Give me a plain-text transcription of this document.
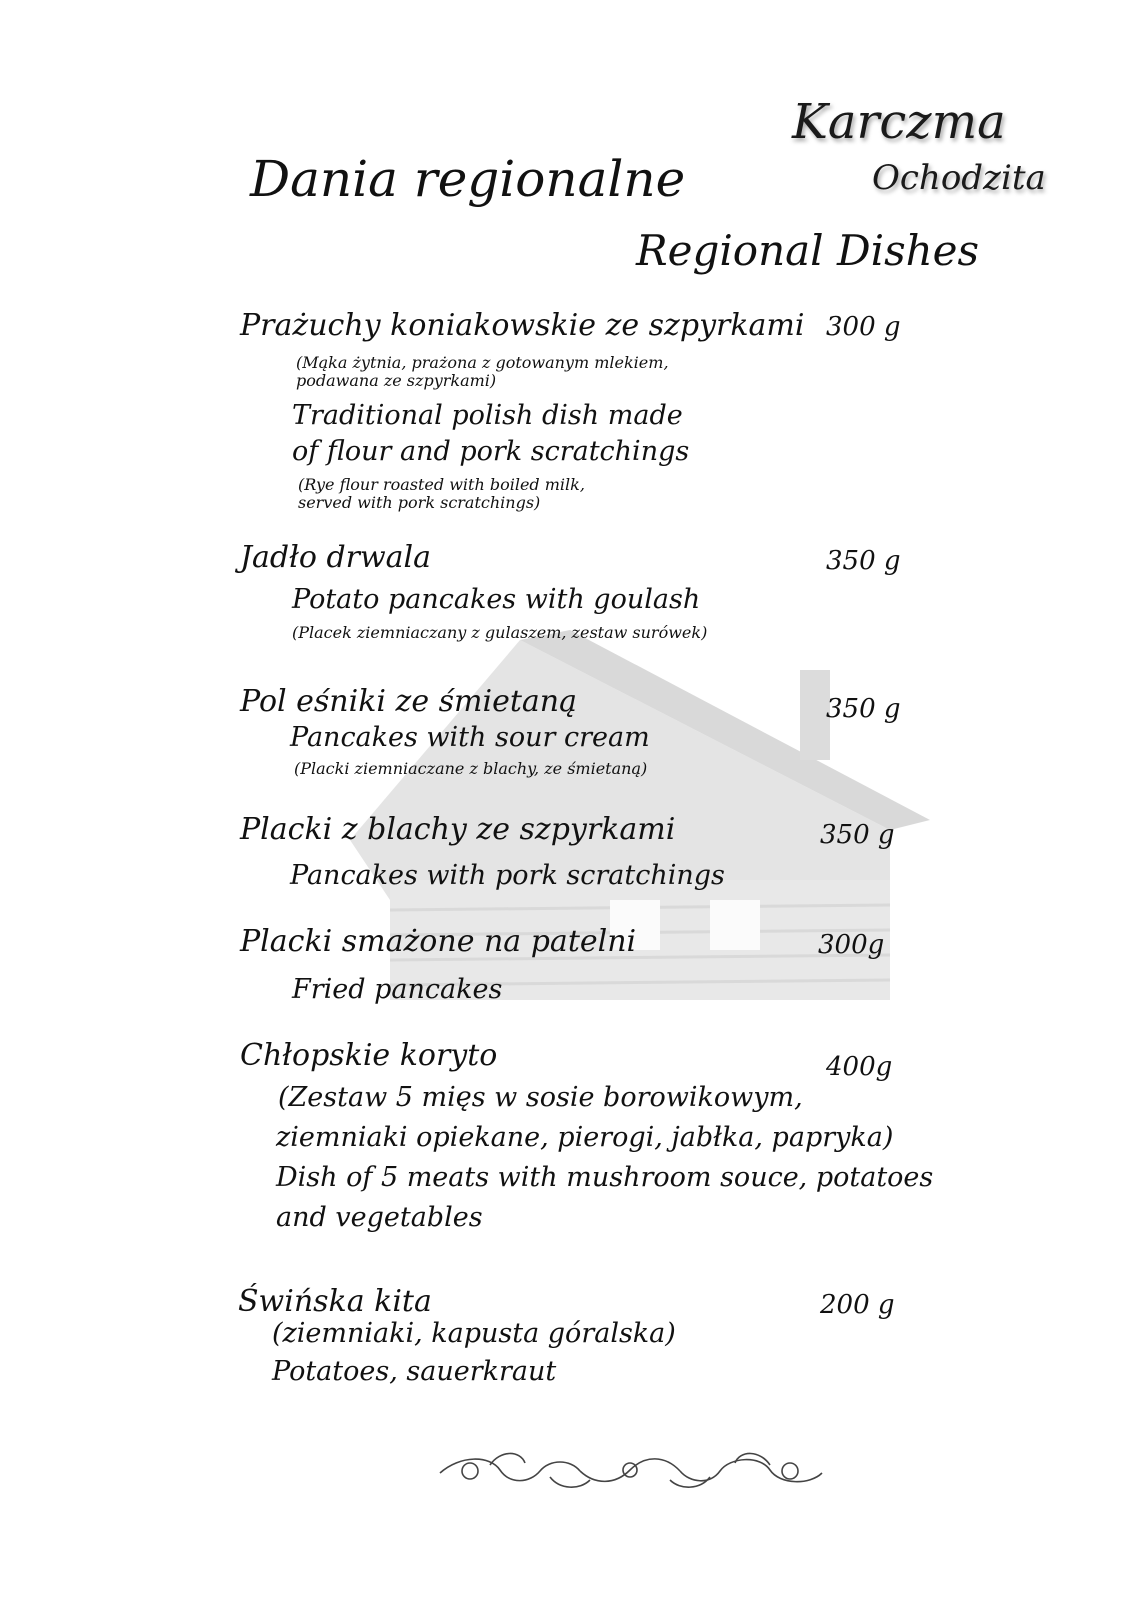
Karczma
Ochodzita
Dania regionalne
Regional Dishes
Prażuchy koniakowskie ze szpyrkami 300 g
(Mąka żytnia, prażona z gotowanym mlekiem,
podawana ze szpyrkami)
Traditional polish dish made
of flour and pork scratchings
(Rye flour roasted with boiled milk,
served with pork scratchings)
Jadło drwala	350 g
Potato pancakes with goulash
(Placek ziemniaczany z gulaszem, zestaw surówek)
Pol eśniki ze śmietaną	350 g
Pancakes with sour cream
(Placki ziemniaczane z blachy, ze śmietaną)
Placki z blachy ze szpyrkami	350 g
Pancakes with pork scratchings
Placki smażone na patelni	300g
Fried pancakes
Chłopskie koryto	400g
(Zestaw 5 mięs w sosie borowikowym,
ziemniaki opiekane, pierogi, jabłka, papryka)
Dish of 5 meats with mushroom souce, potatoes
and vegetables
Świńska kita	200 g
(ziemniaki, kapusta góralska)
Potatoes, sauerkraut
